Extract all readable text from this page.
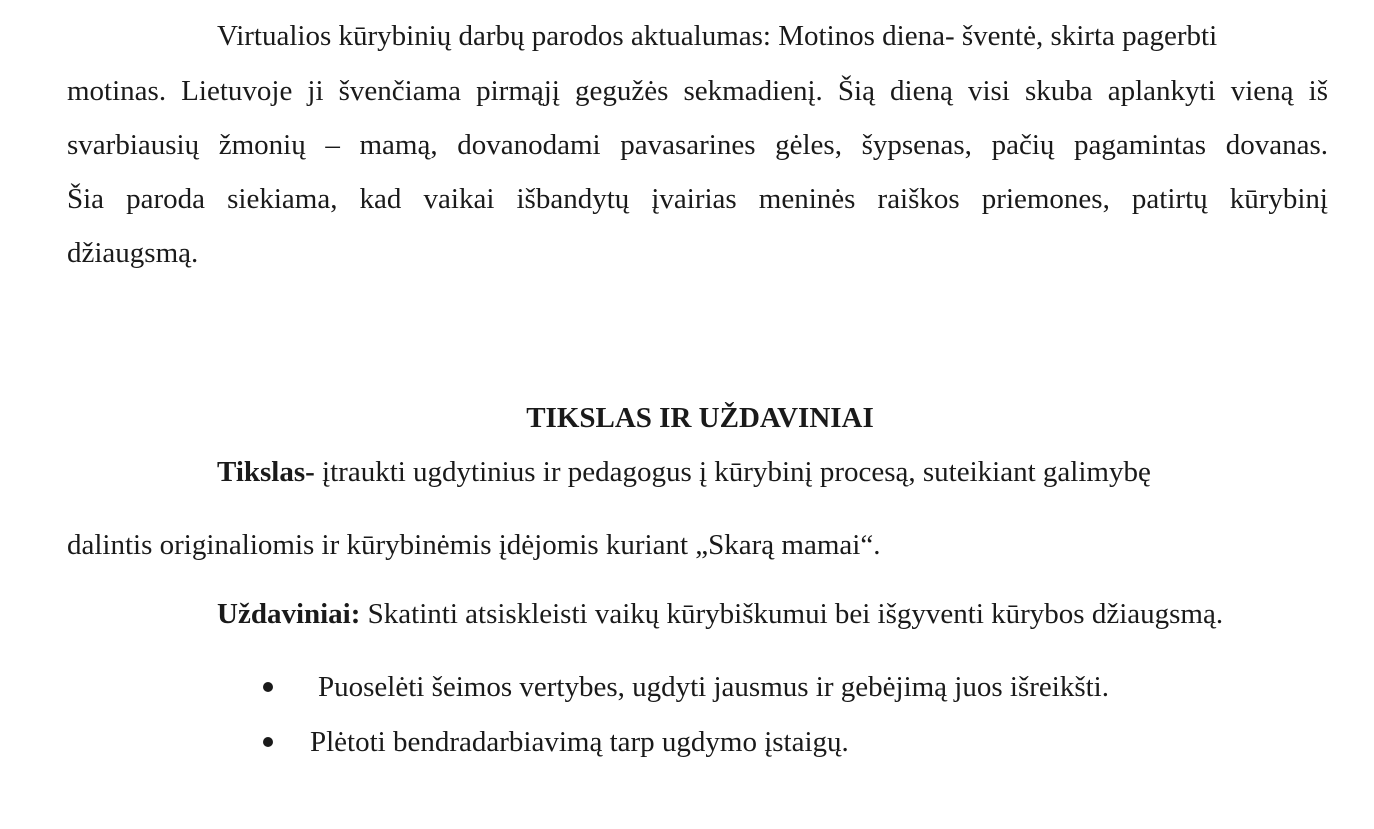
Virtualios kūrybinių darbų parodos aktualumas: Motinos diena- šventė, skirta pagerbti
motinas. Lietuvoje ji švenčiama pirmąjį gegužės sekmadienį. Šią dieną visi skuba aplankyti vieną iš
svarbiausių žmonių – mamą, dovanodami pavasarines gėles, šypsenas, pačių pagamintas dovanas.
Šia paroda siekiama, kad vaikai išbandytų įvairias meninės raiškos priemones, patirtų kūrybinį
džiaugsmą.
TIKSLAS IR UŽDAVINIAI
Tikslas- įtraukti ugdytinius ir pedagogus į kūrybinį procesą, suteikiant galimybę
dalintis originaliomis ir kūrybinėmis įdėjomis kuriant „Skarą mamai“.
Uždaviniai: Skatinti atsiskleisti vaikų kūrybiškumui bei išgyventi kūrybos džiaugsmą.
Puoselėti šeimos vertybes, ugdyti jausmus ir gebėjimą juos išreikšti.
Plėtoti bendradarbiavimą tarp ugdymo įstaigų.
